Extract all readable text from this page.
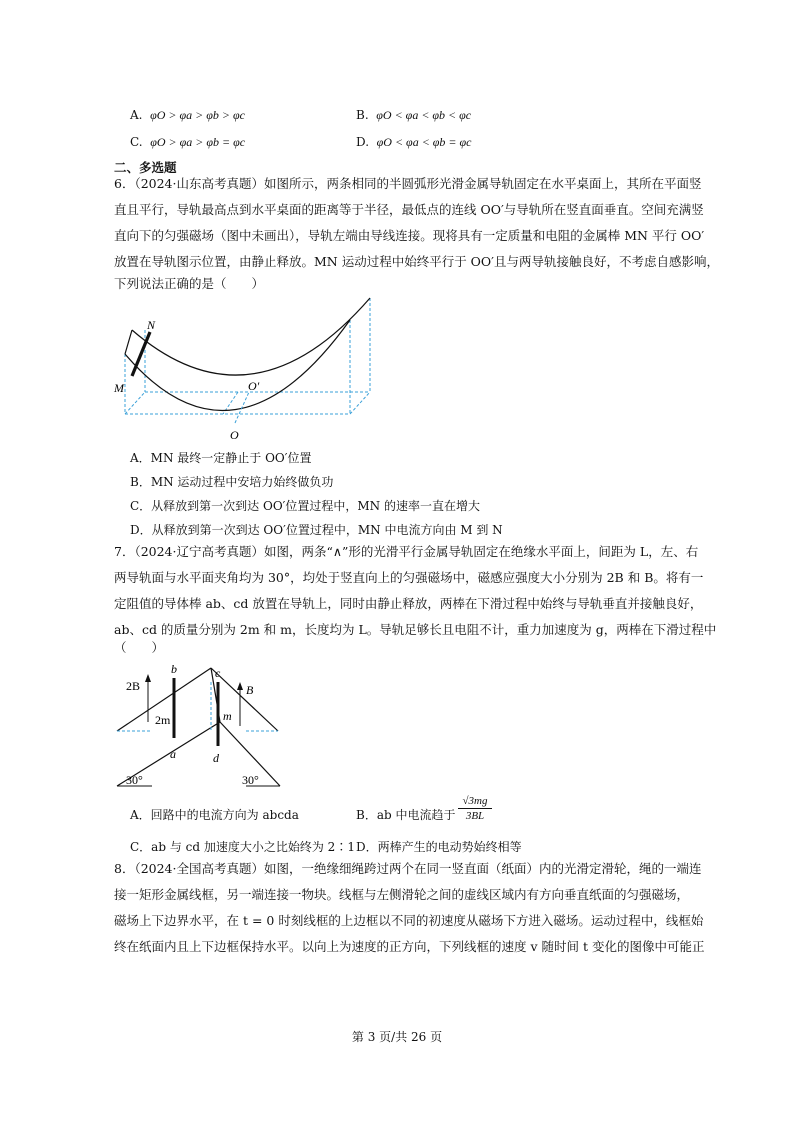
A. φO > φa > φb > φc	B. φO < φa < φb < φc
C. φO > φa > φb = φc	D. φO < φa < φb = φc
二、多选题
6．（2024·山东高考真题）如图所示，两条相同的半圆弧形光滑金属导轨固定在水平桌面上，其所在平面竖
直且平行，导轨最高点到水平桌面的距离等于半径，最低点的连线 OO′与导轨所在竖直面垂直。空间充满竖
直向下的匀强磁场（图中未画出），导轨左端由导线连接。现将具有一定质量和电阻的金属棒 MN 平行 OO′
放置在导轨图示位置，由静止释放。MN 运动过程中始终平行于 OO′且与两导轨接触良好，不考虑自感影响，
下列说法正确的是（　　）
N
M	O′
O
A．MN 最终一定静止于 OO′位置
B．MN 运动过程中安培力始终做负功
C．从释放到第一次到达 OO′位置过程中，MN 的速率一直在增大
D．从释放到第一次到达 OO′位置过程中，MN 中电流方向由 M 到 N
7．（2024·辽宁高考真题）如图，两条“∧”形的光滑平行金属导轨固定在绝缘水平面上，间距为 L，左、右
两导轨面与水平面夹角均为 30°，均处于竖直向上的匀强磁场中，磁感应强度大小分别为 2B 和 B。将有一
定阻值的导体棒 ab、cd 放置在导轨上，同时由静止释放，两棒在下滑过程中始终与导轨垂直并接触良好，
ab、cd 的质量分别为 2m 和 m，长度均为 L。导轨足够长且电阻不计，重力加速度为 g，两棒在下滑过程中
（　　）
b	c
a	d
2B	B
2m	m
30°	30°
A．回路中的电流方向为 abcda	B．ab 中电流趋于 $\frac{√3mg}{3BL}$
C．ab 与 cd 加速度大小之比始终为 2∶1 D．两棒产生的电动势始终相等
8．（2024·全国高考真题）如图，一绝缘细绳跨过两个在同一竖直面（纸面）内的光滑定滑轮，绳的一端连
接一矩形金属线框，另一端连接一物块。线框与左侧滑轮之间的虚线区域内有方向垂直纸面的匀强磁场，
磁场上下边界水平，在 t = 0 时刻线框的上边框以不同的初速度从磁场下方进入磁场。运动过程中，线框始
终在纸面内且上下边框保持水平。以向上为速度的正方向，下列线框的速度 v 随时间 t 变化的图像中可能正
第 3 页/共 26 页
